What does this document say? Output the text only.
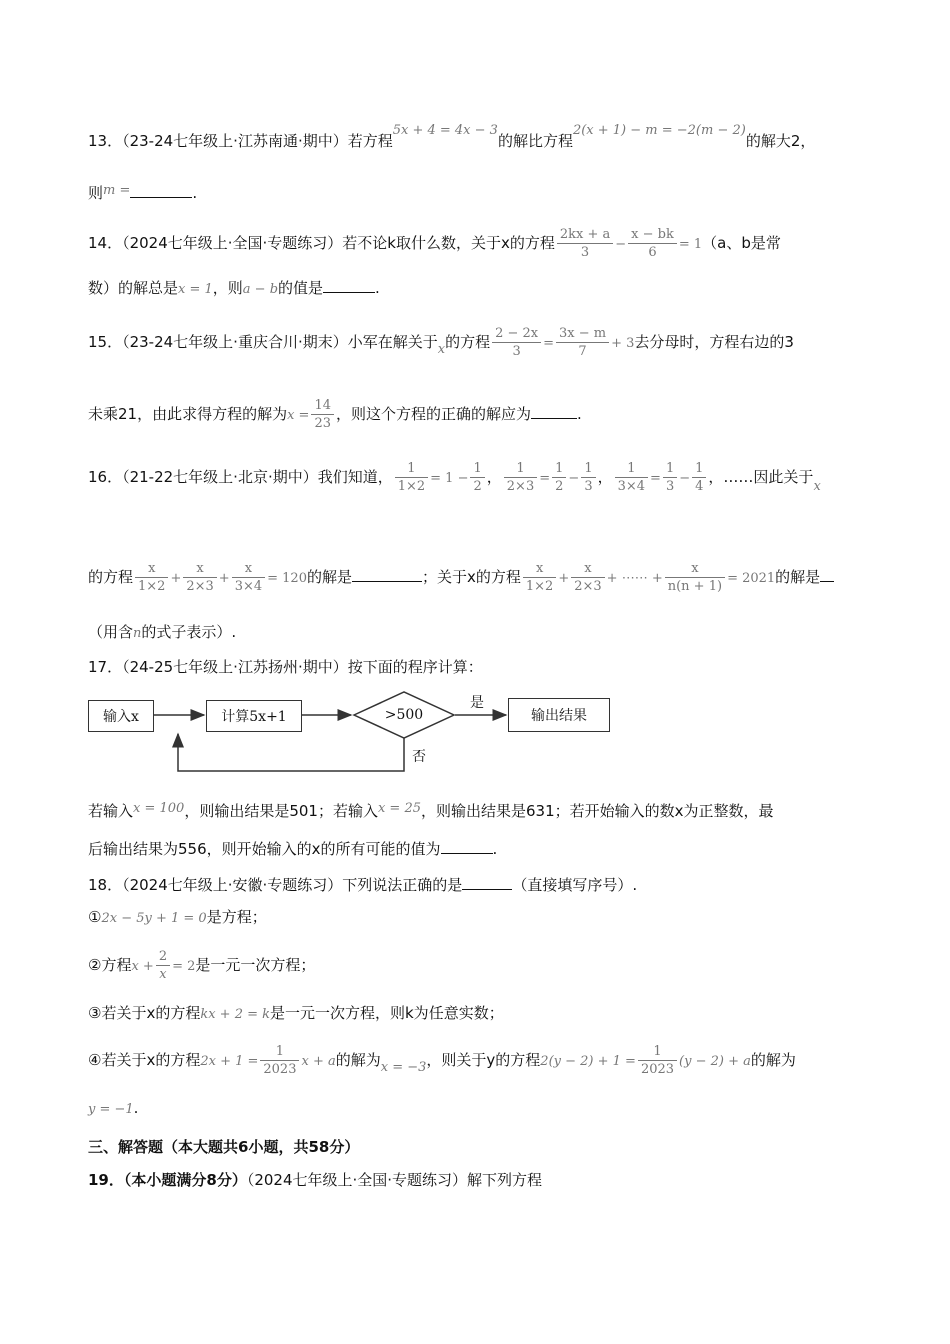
13．（23-24七年级上·江苏南通·期中）若方程5x + 4 = 4x − 3的解比方程2(x + 1) − m = −2(m − 2)的解大2，
则m =	.
14．（2024七年级上·全国·专题练习）若不论k取什么数，关于x的方程 $\frac{2kx + a}{3} - \frac{x - bk}{6} = 1(a$、b是常
数）的解总是x = 1，则a − b的值是	.
15．（23-24七年级上·重庆合川·期末）小军在解关于x的方程 $\frac{2 - 2x}{3} = \frac{3x - m}{7} + 3$去分母时，方程右边的3
未乘21，由此求得方程的解为$x = \frac{14}{23}$ ，则这个方程的正确的解应为	.
16．（21-22七年级上·北京·期中）我们知道， $\frac{1}{1\times 2} = 1 - \frac{1}{2}$ ， $\frac{1}{2\times 3} = \frac{1}{2} - \frac{1}{3}$ ， $\frac{1}{3\times 4} = \frac{1}{3} - \frac{1}{4}$ ，……因此关于x
的方程 $\frac{x}{1\times 2} + \frac{x}{2\times 3} + \frac{x}{3\times 4} = 120$的解是	；关于x的方程 $\frac{x}{1\times 2} + \frac{x}{2\times 3}$ + ⋯⋯ + $\frac{x}{n(n + 1)} = 2021$的解是
（用含n的式子表示）.
17．（24-25七年级上·江苏扬州·期中）按下面的程序计算：
输入x	计算5x+1	输出结果
>500
是
否
若输入x = 100，则输出结果是501；若输入x = 25，则输出结果是631；若开始输入的数x为正整数，最
后输出结果为556，则开始输入的x的所有可能的值为	.
18．（2024七年级上·安徽·专题练习）下列说法正确的是	（直接填写序号）.
①2x − 5y + 1 = 0是方程；
②方程$x + \frac{2}{x} = 2$是一元一次方程；
③若关于x的方程kx + 2 = k是一元一次方程，则k为任意实数；
④若关于x的方程$2x + 1 = \frac{1}{2023}$ x + a的解为x = −3，则关于y的方程$2(y - 2) + 1 = \frac{1}{2023} (y - 2) + a$的解为
y = −1.
三、解答题（本大题共6小题，共58分）
19．（本小题满分8分）（2024七年级上·全国·专题练习）解下列方程
